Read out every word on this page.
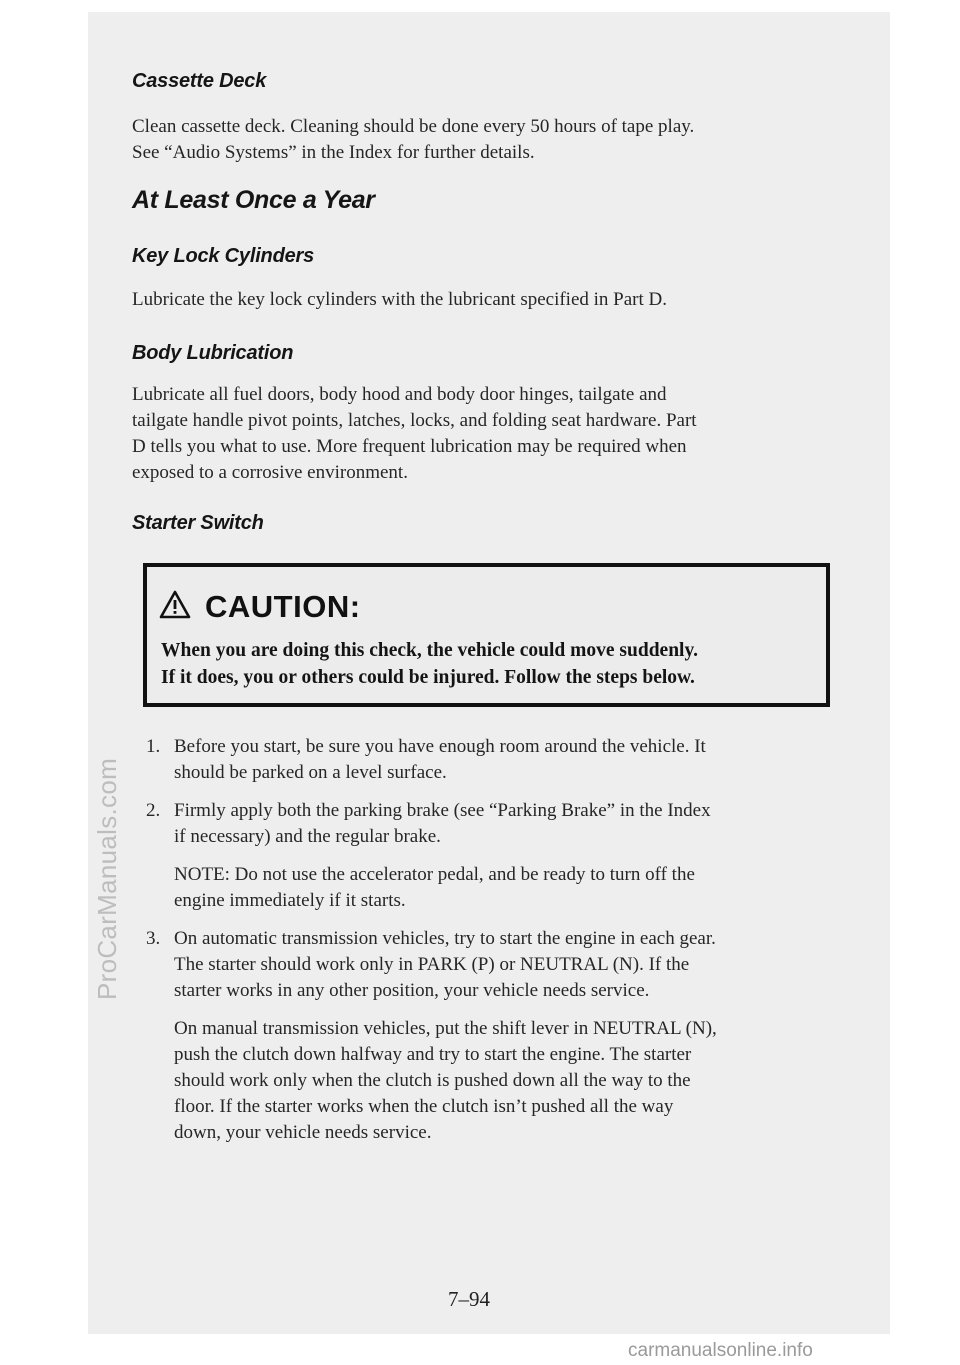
Cassette Deck

Clean cassette deck. Cleaning should be done every 50 hours of tape play.

See “Audio Systems” in the Index for further details.

At Least Once a Year
Key Lock Cylinders

Lubricate the key lock cylinders with the lubricant specified in Part D.

Body Lubrication

Lubricate all fuel doors, body hood and body door hinges, tailgate and

tailgate handle pivot points, latches, locks, and folding seat hardware. Part

D tells you what to use. More frequent lubrication may be required when

exposed to a corrosive environment.

Starter Switch
CAUTION:
When you are doing this check, the vehicle could move suddenly.
If it does, you or others could be injured. Follow the steps below.
1. Before you start, be sure you have enough room around the vehicle. It

should be parked on a level surface.

2. Firmly apply both the parking brake (see “Parking Brake” in the Index

if necessary) and the regular brake.

NOTE: Do not use the accelerator pedal, and be ready to turn off the

engine immediately if it starts.

3. On automatic transmission vehicles, try to start the engine in each gear.

The starter should work only in PARK (P) or NEUTRAL (N). If the

starter works in any other position, your vehicle needs service.

On manual transmission vehicles, put the shift lever in NEUTRAL (N),

push the clutch down halfway and try to start the engine. The starter

should work only when the clutch is pushed down all the way to the

floor. If the starter works when the clutch isn’t pushed all the way

down, your vehicle needs service.

7–94
ProCarManuals.com
carmanualsonline.info
